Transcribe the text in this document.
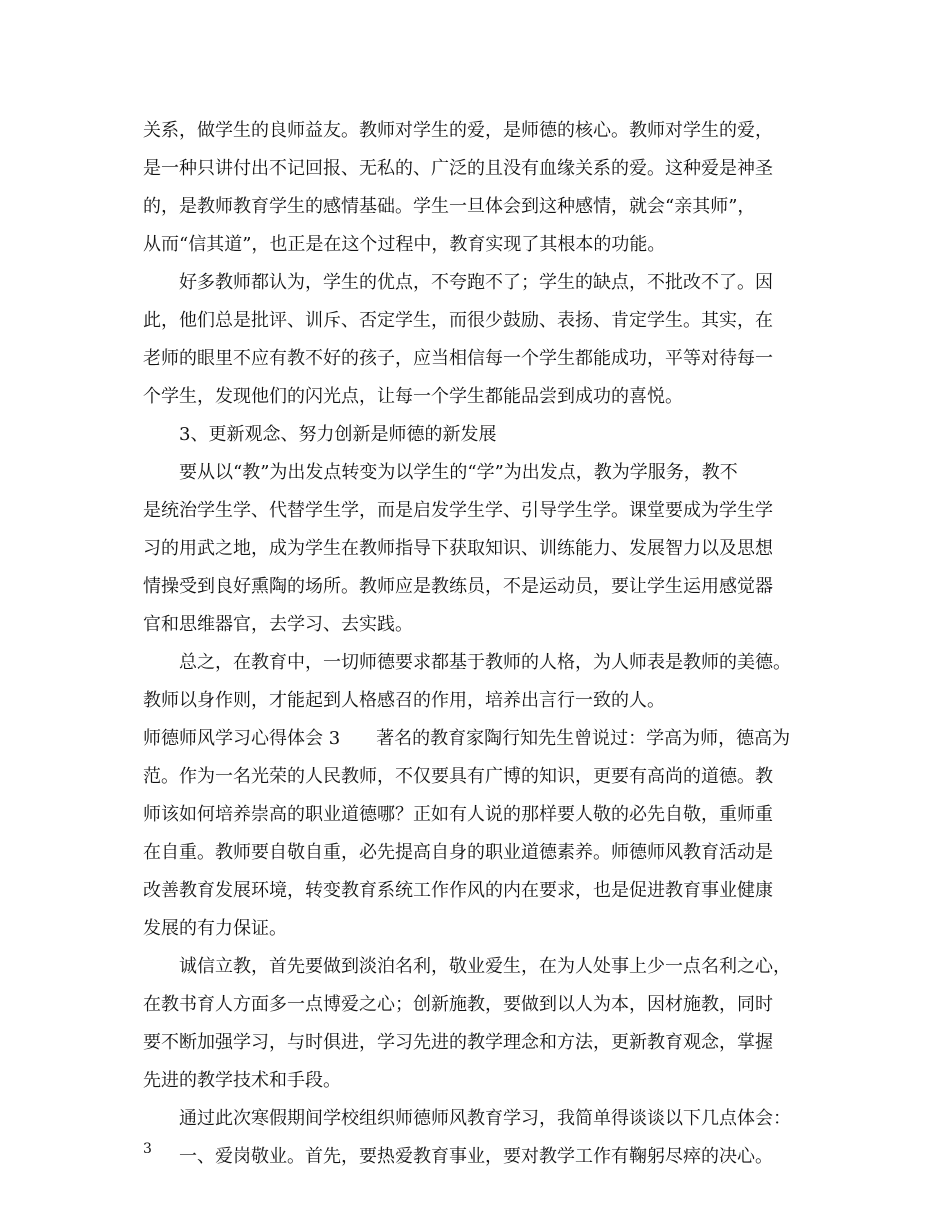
关系，做学生的良师益友。教师对学生的爱，是师德的核心。教师对学生的爱，
是一种只讲付出不记回报、无私的、广泛的且没有血缘关系的爱。这种爱是神圣
的，是教师教育学生的感情基础。学生一旦体会到这种感情，就会“亲其师”，
从而“信其道”，也正是在这个过程中，教育实现了其根本的功能。
好多教师都认为，学生的优点，不夸跑不了；学生的缺点，不批改不了。因
此，他们总是批评、训斥、否定学生，而很少鼓励、表扬、肯定学生。其实，在
老师的眼里不应有教不好的孩子，应当相信每一个学生都能成功，平等对待每一
个学生，发现他们的闪光点，让每一个学生都能品尝到成功的喜悦。
3、更新观念、努力创新是师德的新发展
要从以“教”为出发点转变为以学生的“学”为出发点，教为学服务，教不
是统治学生学、代替学生学，而是启发学生学、引导学生学。课堂要成为学生学
习的用武之地，成为学生在教师指导下获取知识、训练能力、发展智力以及思想
情操受到良好熏陶的场所。教师应是教练员，不是运动员，要让学生运用感觉器
官和思维器官，去学习、去实践。
总之，在教育中，一切师德要求都基于教师的人格，为人师表是教师的美德。
教师以身作则，才能起到人格感召的作用，培养出言行一致的人。
师德师风学习心得体会 3　　著名的教育家陶行知先生曾说过：学高为师，德高为
范。作为一名光荣的人民教师，不仅要具有广博的知识，更要有高尚的道德。教
师该如何培养崇高的职业道德哪？正如有人说的那样要人敬的必先自敬，重师重
在自重。教师要自敬自重，必先提高自身的职业道德素养。师德师风教育活动是
改善教育发展环境，转变教育系统工作作风的内在要求，也是促进教育事业健康
发展的有力保证。
诚信立教，首先要做到淡泊名利，敬业爱生，在为人处事上少一点名利之心，
在教书育人方面多一点博爱之心；创新施教，要做到以人为本，因材施教，同时
要不断加强学习，与时俱进，学习先进的教学理念和方法，更新教育观念，掌握
先进的教学技术和手段。
通过此次寒假期间学校组织师德师风教育学习，我简单得谈谈以下几点体会：
一、爱岗敬业。首先，要热爱教育事业，要对教学工作有鞠躬尽瘁的决心。
3
